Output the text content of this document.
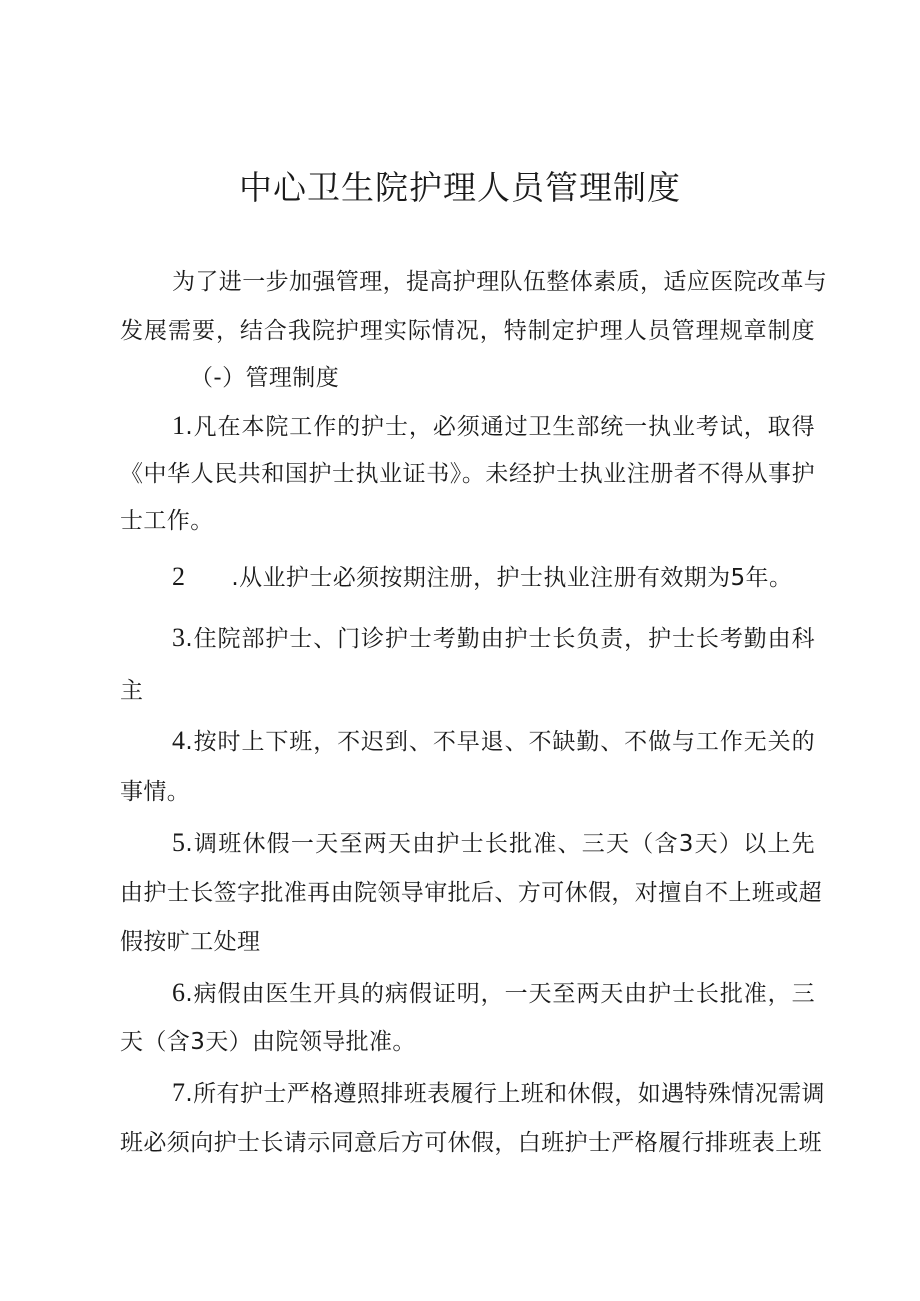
中心卫生院护理人员管理制度
为了进一步加强管理，提高护理队伍整体素质，适应医院改革与
发展需要，结合我院护理实际情况，特制定护理人员管理规章制度
（-）管理制度
1.凡在本院工作的护士，必须通过卫生部统一执业考试，取得
《中华人民共和国护士执业证书》。未经护士执业注册者不得从事护
士工作。
2 .从业护士必须按期注册，护士执业注册有效期为5年。
3.住院部护士、门诊护士考勤由护士长负责，护士长考勤由科
主
4.按时上下班，不迟到、不早退、不缺勤、不做与工作无关的
事情。
5.调班休假一天至两天由护士长批准、三天（含3天）以上先
由护士长签字批准再由院领导审批后、方可休假，对擅自不上班或超
假按旷工处理
6.病假由医生开具的病假证明，一天至两天由护士长批准，三
天（含3天）由院领导批准。
7.所有护士严格遵照排班表履行上班和休假，如遇特殊情况需调
班必须向护士长请示同意后方可休假，白班护士严格履行排班表上班
